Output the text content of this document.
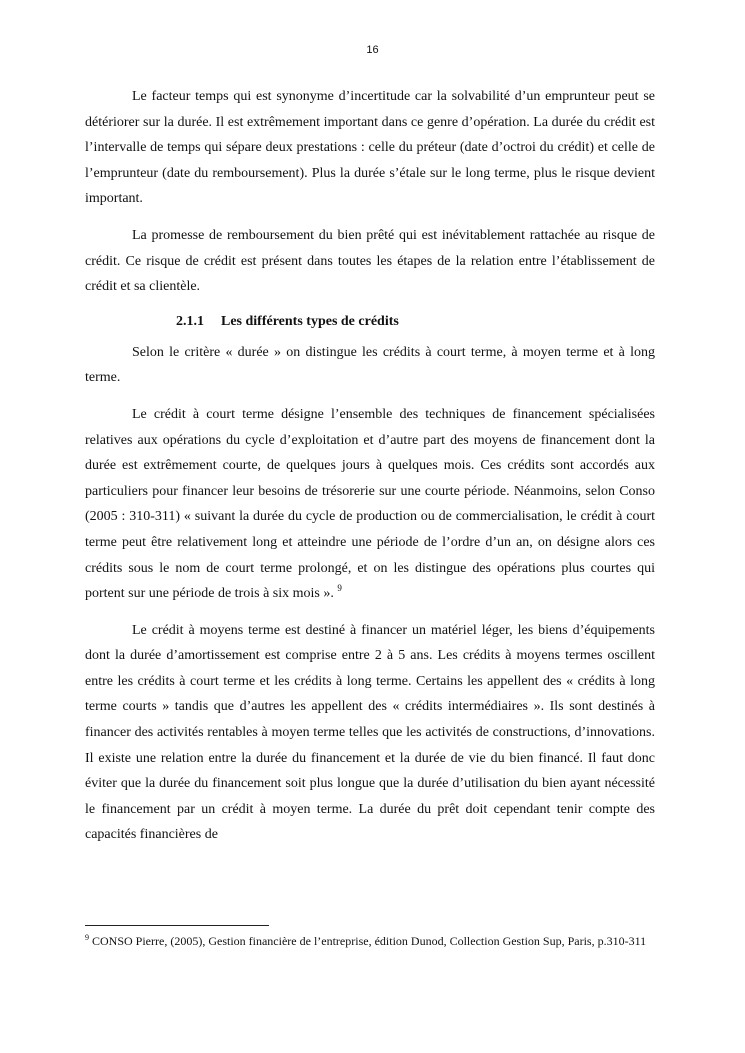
16

Le facteur temps qui est synonyme d’incertitude car la solvabilité d’un emprunteur peut se détériorer sur la durée. Il est extrêmement important dans ce genre d’opération. La durée du crédit est l’intervalle de temps qui sépare deux prestations : celle du préteur (date d’octroi du crédit) et celle de l’emprunteur (date du remboursement). Plus la durée s’étale sur le long terme, plus le risque devient important.

La promesse de remboursement du bien prêté qui est inévitablement rattachée au risque de crédit. Ce risque de crédit est présent dans toutes les étapes de la relation entre l’établissement de crédit et sa clientèle.

2.1.1 Les différents types de crédits

Selon le critère « durée » on distingue les crédits à court terme, à moyen terme et à long terme.

Le crédit à court terme désigne l’ensemble des techniques de financement spécialisées relatives aux opérations du cycle d’exploitation et d’autre part des moyens de financement dont la durée est extrêmement courte, de quelques jours à quelques mois. Ces crédits sont accordés aux particuliers pour financer leur besoins de trésorerie sur une courte période. Néanmoins, selon Conso (2005 : 310-311) « suivant la durée du cycle de production ou de commercialisation, le crédit à court terme peut être relativement long et atteindre une période de l’ordre d’un an, on désigne alors ces crédits sous le nom de court terme prolongé, et on les distingue des opérations plus courtes qui portent sur une période de trois à six mois ». $^9$

Le crédit à moyens terme est destiné à financer un matériel léger, les biens d’équipements dont la durée d’amortissement est comprise entre 2 à 5 ans. Les crédits à moyens termes oscillent entre les crédits à court terme et les crédits à long terme. Certains les appellent des « crédits à long terme courts » tandis que d’autres les appellent des « crédits intermédiaires ». Ils sont destinés à financer des activités rentables à moyen terme telles que les activités de constructions, d’innovations. Il existe une relation entre la durée du financement et la durée de vie du bien financé. Il faut donc éviter que la durée du financement soit plus longue que la durée d’utilisation du bien ayant nécessité le financement par un crédit à moyen terme. La durée du prêt doit cependant tenir compte des capacités financières de

$^9$ CONSO Pierre, (2005), Gestion financière de l’entreprise, édition Dunod, Collection Gestion Sup, Paris, p.310-311
